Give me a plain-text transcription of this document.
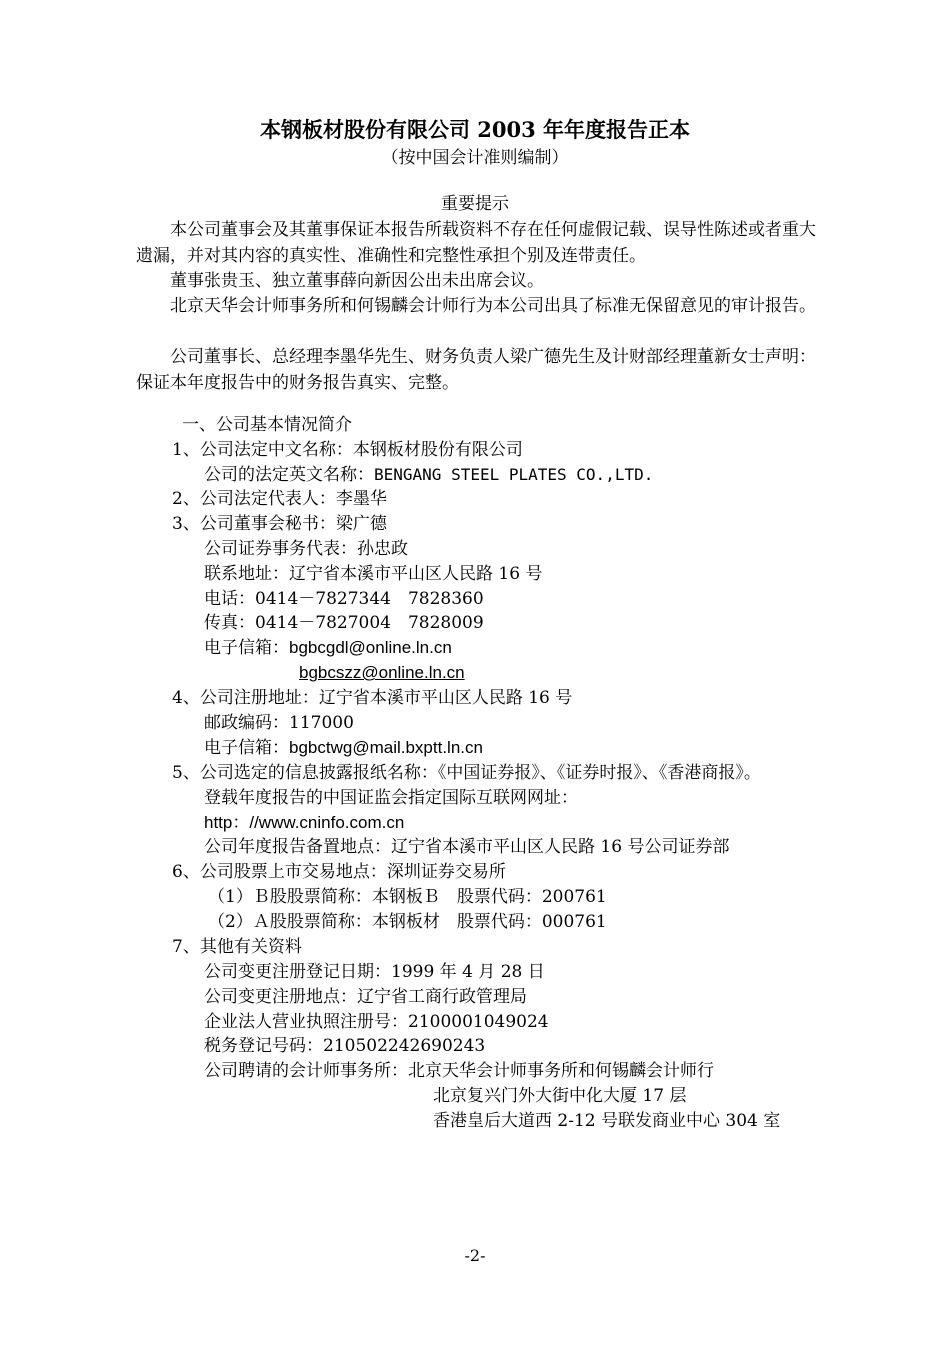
本钢板材股份有限公司 2003 年年度报告正本
（按中国会计准则编制）
重要提示
本公司董事会及其董事保证本报告所载资料不存在任何虚假记载、误导性陈述或者重大遗漏，并对其内容的真实性、准确性和完整性承担个别及连带责任。
董事张贵玉、独立董事薛向新因公出未出席会议。
北京天华会计师事务所和何锡麟会计师行为本公司出具了标准无保留意见的审计报告。
公司董事长、总经理李墨华先生、财务负责人梁广德先生及计财部经理董新女士声明：保证本年度报告中的财务报告真实、完整。
一、公司基本情况简介
1、公司法定中文名称：本钢板材股份有限公司
公司的法定英文名称：BENGANG STEEL PLATES CO.,LTD.
2、公司法定代表人：李墨华
3、公司董事会秘书：梁广德
公司证券事务代表：孙忠政
联系地址：辽宁省本溪市平山区人民路 16 号
电话：0414－7827344　7828360
传真：0414－7827004　7828009
电子信箱：bgbcgdl@online.ln.cn
bgbcszz@online.ln.cn
4、公司注册地址：辽宁省本溪市平山区人民路 16 号
邮政编码：117000
电子信箱：bgbctwg@mail.bxptt.ln.cn
5、公司选定的信息披露报纸名称：《中国证券报》、《证券时报》、《香港商报》。
登载年度报告的中国证监会指定国际互联网网址：
http：//www.cninfo.com.cn
公司年度报告备置地点：辽宁省本溪市平山区人民路 16 号公司证券部
6、公司股票上市交易地点：深圳证券交易所
（1）Ｂ股股票简称：本钢板Ｂ　股票代码：200761
（2）Ａ股股票简称：本钢板材　股票代码：000761
7、其他有关资料
公司变更注册登记日期：1999 年 4 月 28 日
公司变更注册地点：辽宁省工商行政管理局
企业法人营业执照注册号：2100001049024
税务登记号码：210502242690243
公司聘请的会计师事务所：北京天华会计师事务所和何锡麟会计师行
北京复兴门外大街中化大厦 17 层
香港皇后大道西 2-12 号联发商业中心 304 室
-2-
